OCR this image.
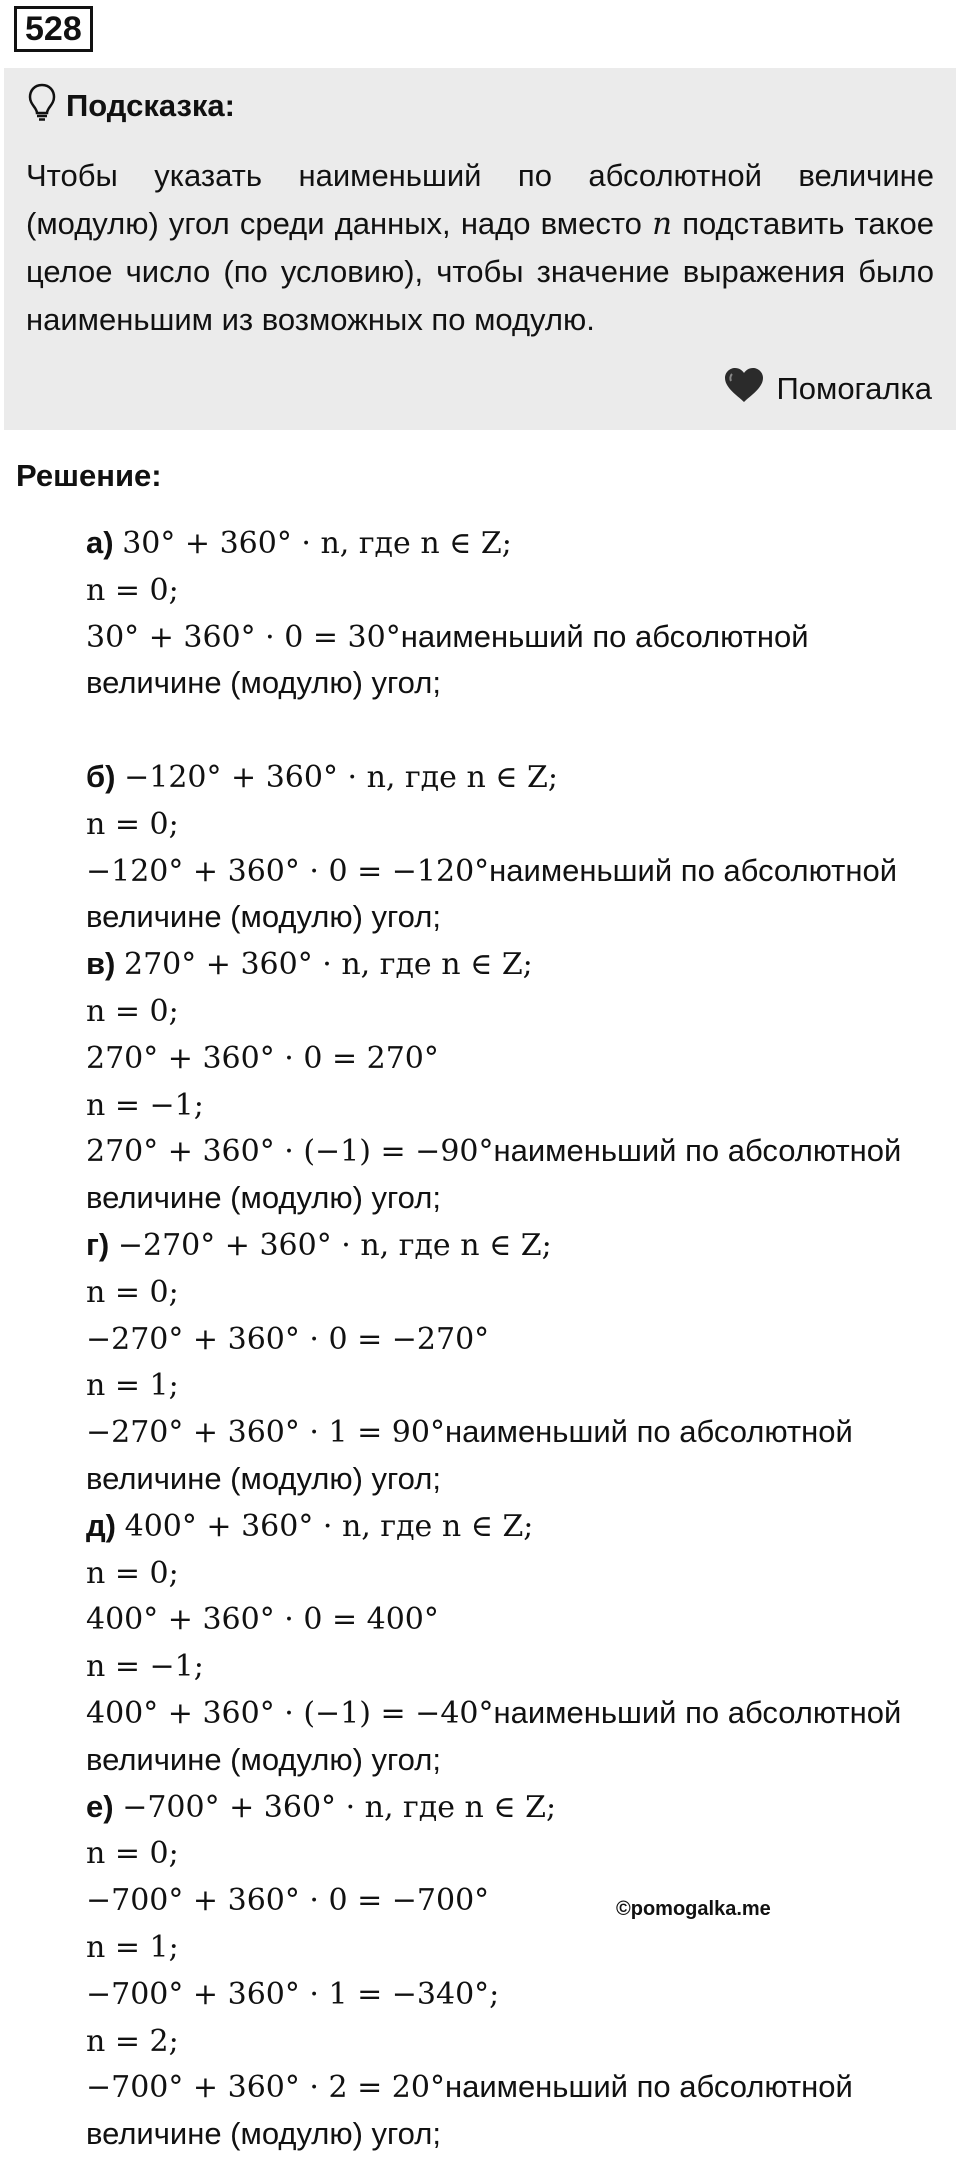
528
Подсказка:
Чтобы указать наименьший по абсолютной величине (модулю) угол среди данных, надо вместо n подставить такое целое число (по условию), чтобы значение выражения было наименьшим из возможных по модулю.
Помогалка
Решение:
а) 30° + 360° · n, где n ∈ Z;
n = 0;
30° + 360° · 0 = 30°наименьший по абсолютной
величине (модулю) угол;
б) −120° + 360° · n, где n ∈ Z;
n = 0;
−120° + 360° · 0 = −120°наименьший по абсолютной
величине (модулю) угол;
в) 270° + 360° · n, где n ∈ Z;
n = 0;
270° + 360° · 0 = 270°
n = −1;
270° + 360° · (−1) = −90°наименьший по абсолютной
величине (модулю) угол;
г) −270° + 360° · n, где n ∈ Z;
n = 0;
−270° + 360° · 0 = −270°
n = 1;
−270° + 360° · 1 = 90°наименьший по абсолютной
величине (модулю) угол;
д) 400° + 360° · n, где n ∈ Z;
n = 0;
400° + 360° · 0 = 400°
n = −1;
400° + 360° · (−1) = −40°наименьший по абсолютной
величине (модулю) угол;
е) −700° + 360° · n, где n ∈ Z;
n = 0;
−700° + 360° · 0 = −700°
n = 1;
−700° + 360° · 1 = −340°;
n = 2;
−700° + 360° · 2 = 20°наименьший по абсолютной
величине (модулю) угол;
©pomogalka.me
